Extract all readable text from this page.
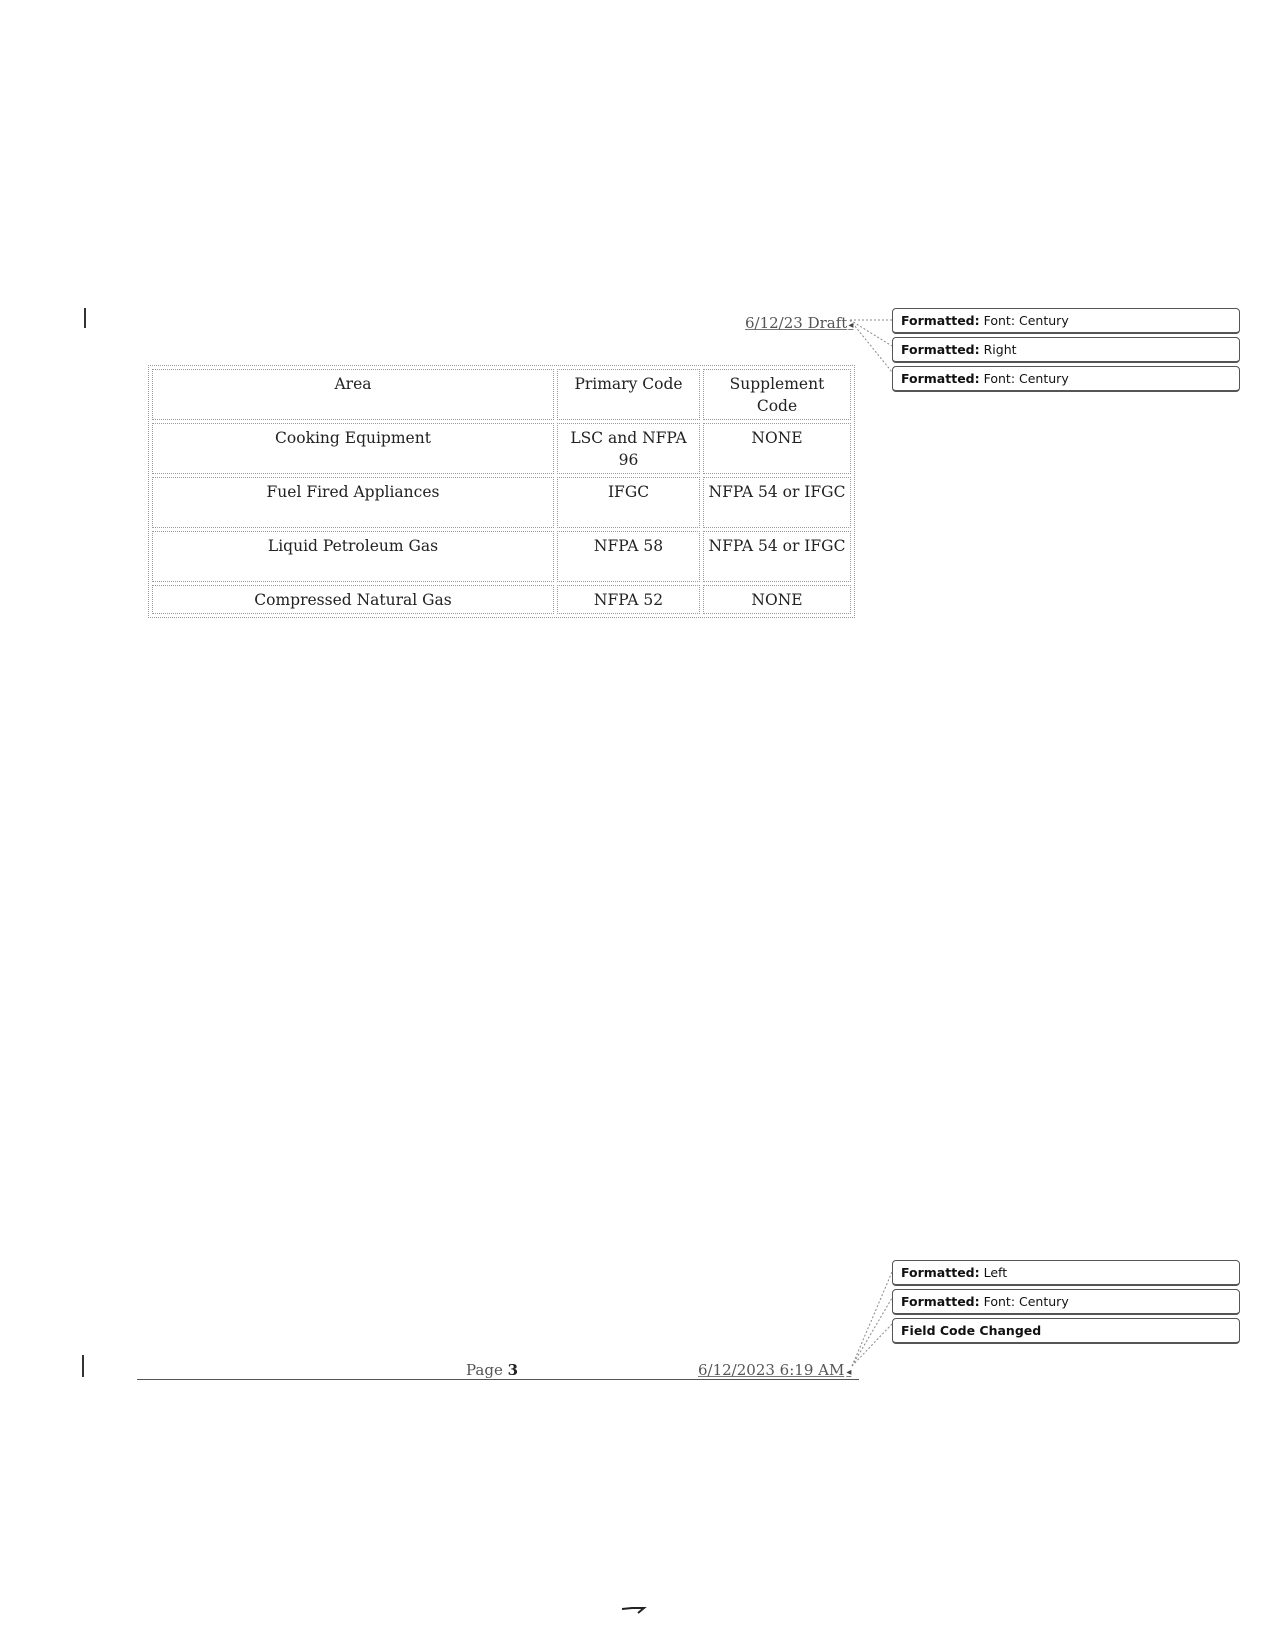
6/12/23 Draft◂
Area	Primary Code	Supplement Code
Cooking Equipment	LSC and NFPA 96	NONE
Fuel Fired Appliances	IFGC	NFPA 54 or IFGC
Liquid Petroleum Gas	NFPA 58	NFPA 54 or IFGC
Compressed Natural Gas	NFPA 52	NONE
Formatted: Font: Century
Formatted: Right
Formatted: Font: Century
Formatted: Left
Formatted: Font: Century
Field Code Changed
Page 3	6/12/2023 6:19 AM ◂
